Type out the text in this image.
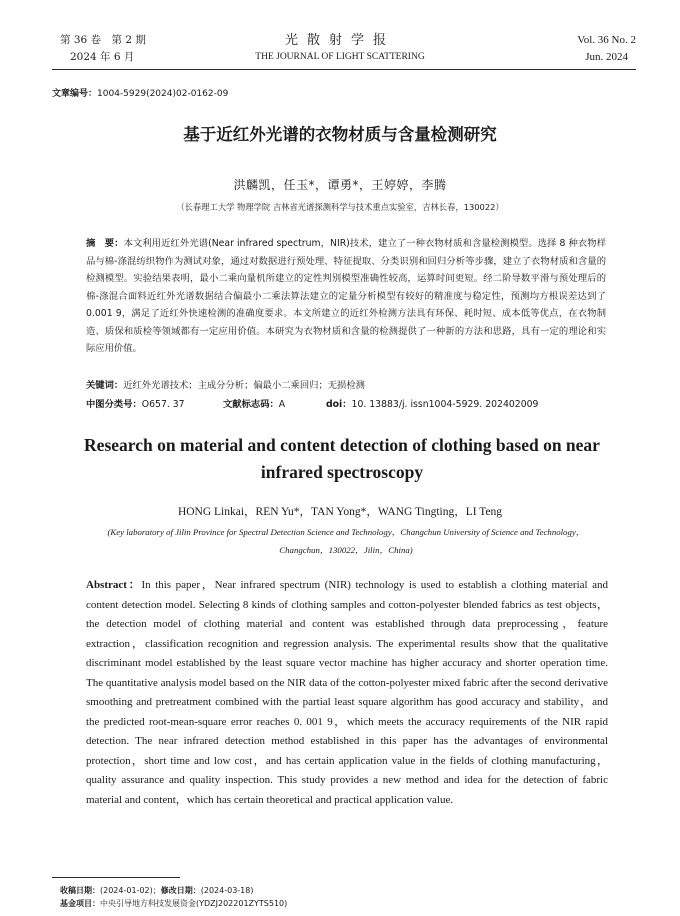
第 36 卷　第 2 期
2024 年 6 月
光散射学报
THE JOURNAL OF LIGHT SCATTERING
Vol. 36 No. 2
Jun. 2024
文章编号：1004-5929(2024)02-0162-09
基于近红外光谱的衣物材质与含量检测研究
洪麟凯，任玉*，谭勇*，王婷婷，李腾
（长春理工大学 物理学院 吉林省光谱探测科学与技术重点实验室，吉林长春，130022）
摘　要：本文利用近红外光谱(Near infrared spectrum，NIR)技术，建立了一种衣物材质和含量检测模型。选择 8 种衣物样品与棉-涤混纺织物作为测试对象，通过对数据进行预处理、特征提取、分类识别和回归分析等步骤，建立了衣物材质和含量的检测模型。实验结果表明，最小二乘向量机所建立的定性判别模型准确性较高，运算时间更短。经二阶导数平滑与预处理后的棉-涤混合面料近红外光谱数据结合偏最小二乘法算法建立的定量分析模型有较好的精准度与稳定性，预测均方根误差达到了 0.001 9，满足了近红外快速检测的准确度要求。本文所建立的近红外检测方法具有环保、耗时短、成本低等优点，在衣物制造、质保和质检等领域都有一定应用价值。本研究为衣物材质和含量的检测提供了一种新的方法和思路，具有一定的理论和实际应用价值。
关键词：近红外光谱技术；主成分分析；偏最小二乘回归；无损检测
中图分类号：O657. 37	文献标志码：A	doi：10. 13883/j. issn1004-5929. 202402009
Research on material and content detection of clothing based on near infrared spectroscopy
HONG Linkai，REN Yu*，TAN Yong*，WANG Tingting，LI Teng
(Key laboratory of Jilin Province for Spectral Detection Science and Technology，Changchun University of Science and Technology，Changchun，130022，Jilin，China)
Abstract：In this paper，Near infrared spectrum (NIR) technology is used to establish a clothing material and content detection model. Selecting 8 kinds of clothing samples and cotton-polyester blended fabrics as test objects，the detection model of clothing material and content was established through data preprocessing，feature extraction，classification recognition and regression analysis. The experimental results show that the qualitative discriminant model established by the least square vector machine has higher accuracy and shorter operation time. The quantitative analysis model based on the NIR data of the cotton-polyester mixed fabric after the second derivative smoothing and pretreatment combined with the partial least square algorithm has good accuracy and stability，and the predicted root-mean-square error reaches 0. 001 9，which meets the accuracy requirements of the NIR rapid detection. The near infrared detection method established in this paper has the advantages of environmental protection，short time and low cost，and has certain application value in the fields of clothing manufacturing，quality assurance and quality inspection. This study provides a new method and idea for the detection of fabric material and content，which has certain theoretical and practical application value.
收稿日期：(2024-01-02)；修改日期：(2024-03-18)
基金项目：中央引导地方科技发展资金(YDZJ202201ZYTS510)
